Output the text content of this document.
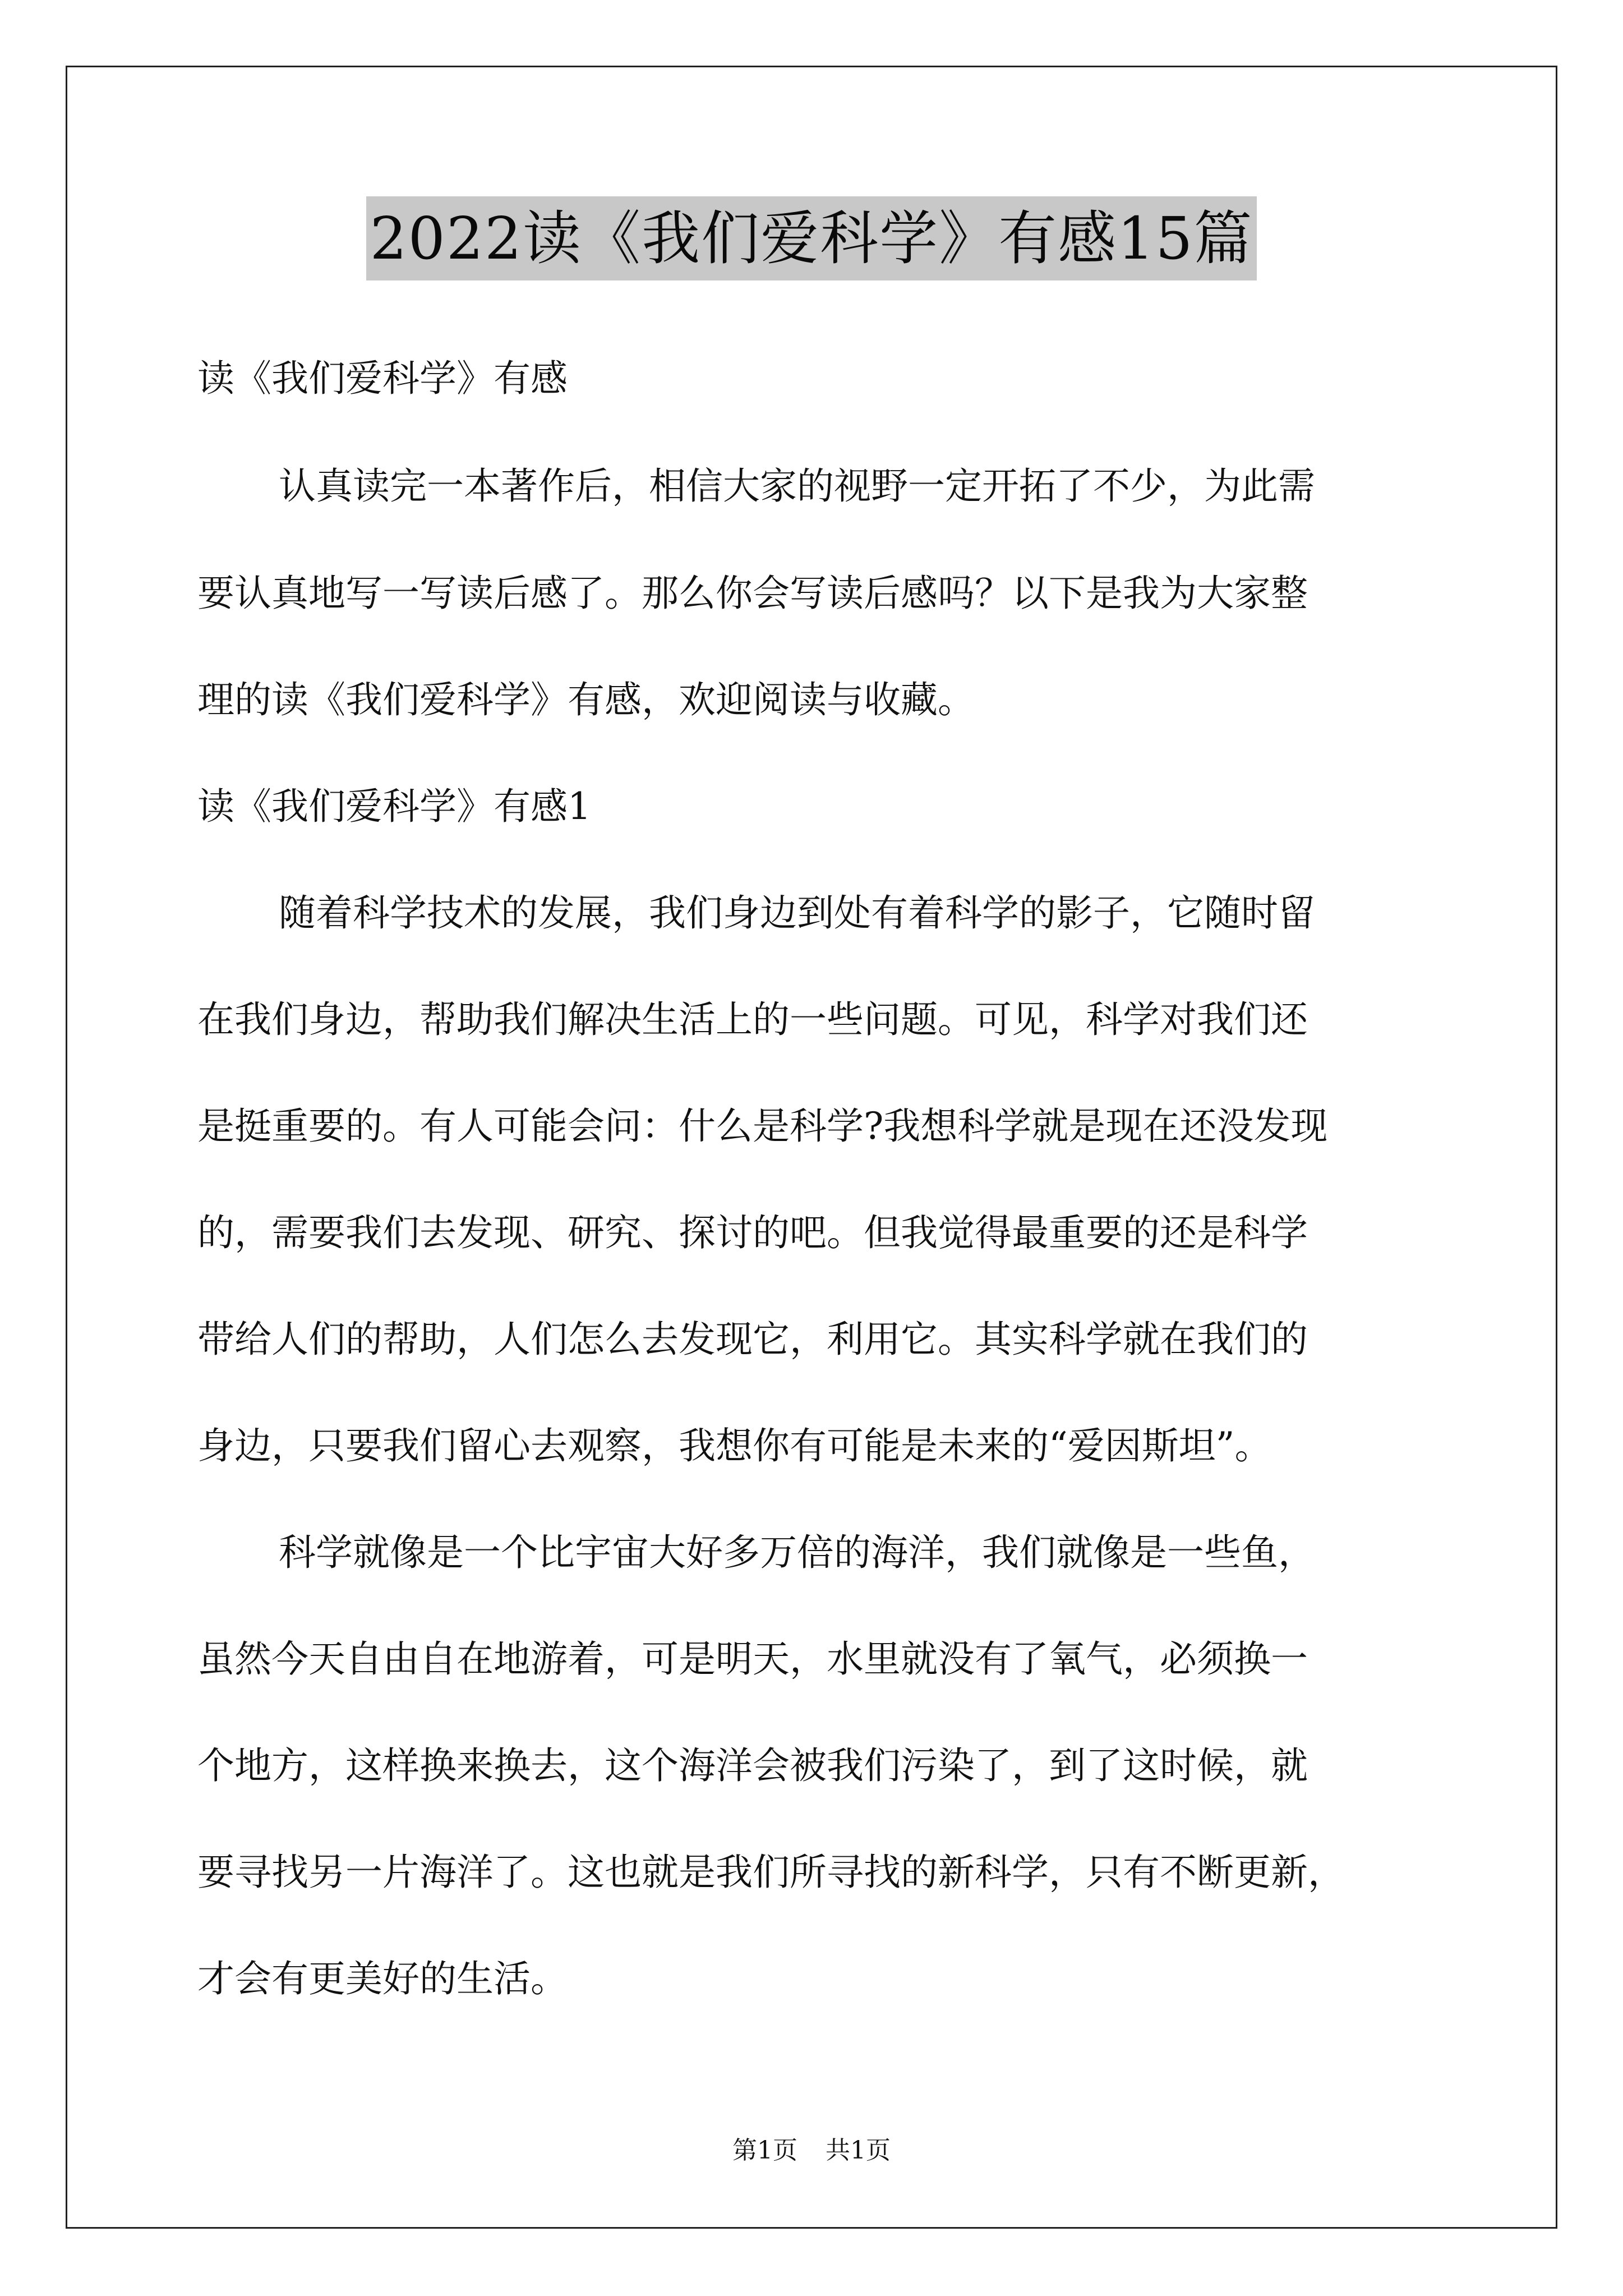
2022读《我们爱科学》有感15篇
读《我们爱科学》有感
认真读完一本著作后，相信大家的视野一定开拓了不少，为此需
要认真地写一写读后感了。那么你会写读后感吗？以下是我为大家整
理的读《我们爱科学》有感，欢迎阅读与收藏。
读《我们爱科学》有感1
随着科学技术的发展，我们身边到处有着科学的影子，它随时留
在我们身边，帮助我们解决生活上的一些问题。可见，科学对我们还
是挺重要的。有人可能会问：什么是科学?我想科学就是现在还没发现
的，需要我们去发现、研究、探讨的吧。但我觉得最重要的还是科学
带给人们的帮助，人们怎么去发现它，利用它。其实科学就在我们的
身边，只要我们留心去观察，我想你有可能是未来的“爱因斯坦”。
科学就像是一个比宇宙大好多万倍的海洋，我们就像是一些鱼，
虽然今天自由自在地游着，可是明天，水里就没有了氧气，必须换一
个地方，这样换来换去，这个海洋会被我们污染了，到了这时候，就
要寻找另一片海洋了。这也就是我们所寻找的新科学，只有不断更新，
才会有更美好的生活。
第1页 共1页
